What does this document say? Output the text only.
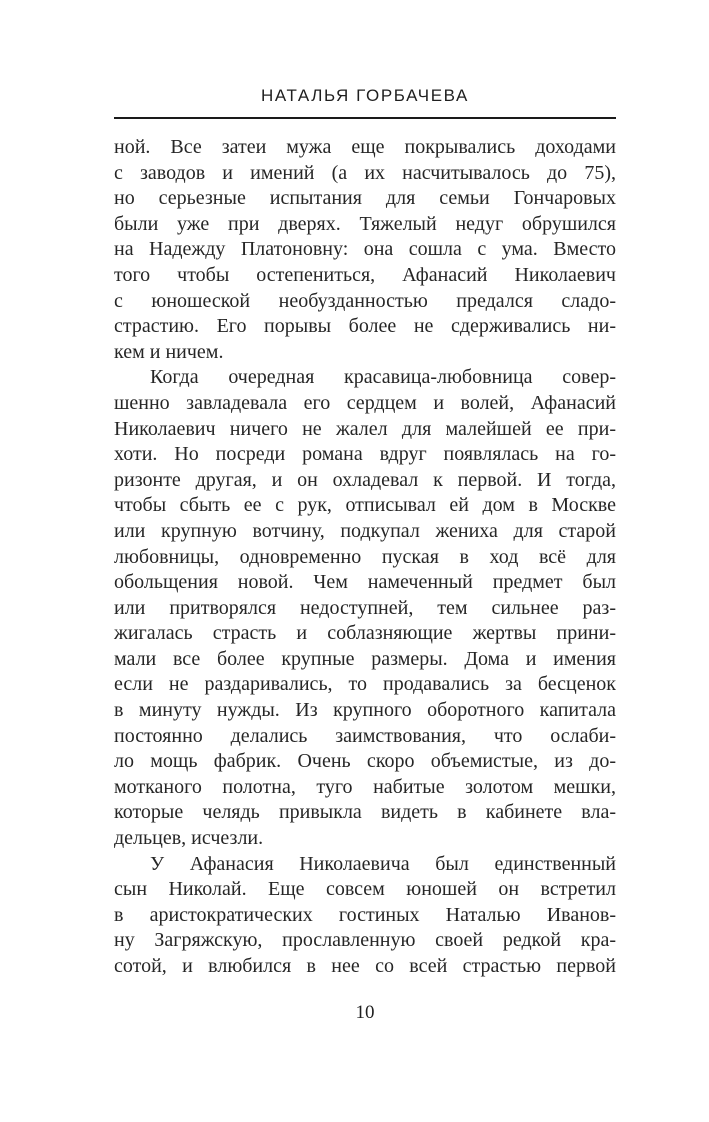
НАТАЛЬЯ ГОРБАЧЕВА
ной. Все затеи мужа еще покрывались доходами
с заводов и имений (а их насчитывалось до 75),
но серьезные испытания для семьи Гончаровых
были уже при дверях. Тяжелый недуг обрушился
на Надежду Платоновну: она сошла с ума. Вместо
того чтобы остепениться, Афанасий Николаевич
с юношеской необузданностью предался сладо-
страстию. Его порывы более не сдерживались ни-
кем и ничем.
Когда очередная красавица-любовница совер-
шенно завладевала его сердцем и волей, Афанасий
Николаевич ничего не жалел для малейшей ее при-
хоти. Но посреди романа вдруг появлялась на го-
ризонте другая, и он охладевал к первой. И тогда,
чтобы сбыть ее с рук, отписывал ей дом в Москве
или крупную вотчину, подкупал жениха для старой
любовницы, одновременно пуская в ход всё для
обольщения новой. Чем намеченный предмет был
или притворялся недоступней, тем сильнее раз-
жигалась страсть и соблазняющие жертвы прини-
мали все более крупные размеры. Дома и имения
если не раздаривались, то продавались за бесценок
в минуту нужды. Из крупного оборотного капитала
постоянно делались заимствования, что ослаби-
ло мощь фабрик. Очень скоро объемистые, из до-
мотканого полотна, туго набитые золотом мешки,
которые челядь привыкла видеть в кабинете вла-
дельцев, исчезли.
У Афанасия Николаевича был единственный
сын Николай. Еще совсем юношей он встретил
в аристократических гостиных Наталью Иванов-
ну Загряжскую, прославленную своей редкой кра-
сотой, и влюбился в нее со всей страстью первой
10
